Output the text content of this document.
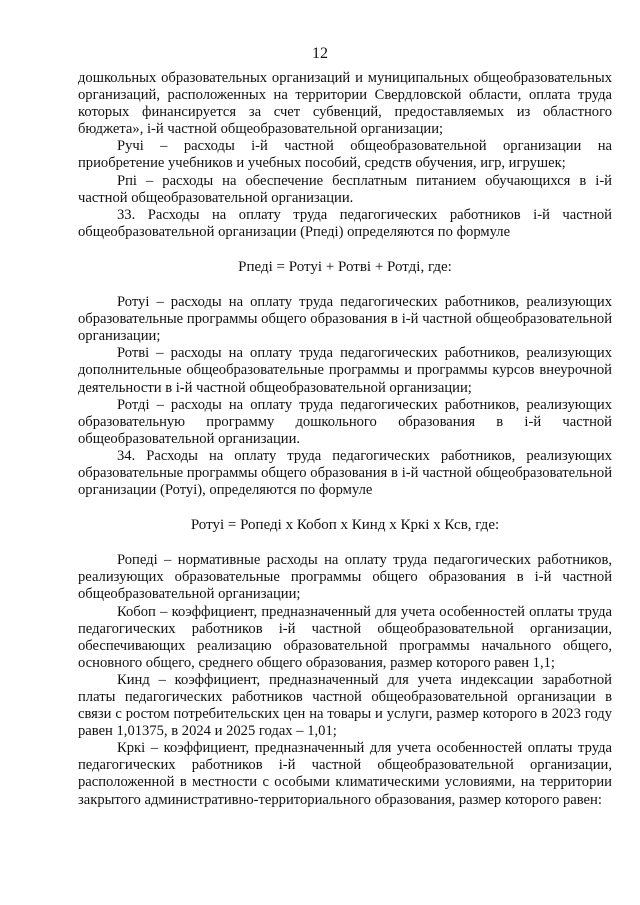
12

дошкольных образовательных организаций и муниципальных общеобразовательных организаций, расположенных на территории Свердловской области, оплата труда которых финансируется за счет субвенций, предоставляемых из областного бюджета», i-й частной общеобразовательной организации;

Ручi – расходы i-й частной общеобразовательной организации на приобретение учебников и учебных пособий, средств обучения, игр, игрушек;

Рпi – расходы на обеспечение бесплатным питанием обучающихся в i-й частной общеобразовательной организации.

33. Расходы на оплату труда педагогических работников i-й частной общеобразовательной организации (Рпедi) определяются по формуле

Рпедi = Ротуi + Ротвi + Ротдi, где:

Ротуi – расходы на оплату труда педагогических работников, реализующих образовательные программы общего образования в i-й частной общеобразовательной организации;

Ротвi – расходы на оплату труда педагогических работников, реализующих дополнительные общеобразовательные программы и программы курсов внеурочной деятельности в i-й частной общеобразовательной организации;

Ротдi – расходы на оплату труда педагогических работников, реализующих образовательную программу дошкольного образования в i-й частной общеобразовательной организации.

34. Расходы на оплату труда педагогических работников, реализующих образовательные программы общего образования в i-й частной общеобразовательной организации (Ротуi), определяются по формуле

Ротуi = Ропеді х Кобоп х Кинд х Кркi х Ксв, где:

Ропеді – нормативные расходы на оплату труда педагогических работников, реализующих образовательные программы общего образования в i-й частной общеобразовательной организации;

Кобоп – коэффициент, предназначенный для учета особенностей оплаты труда педагогических работников i-й частной общеобразовательной организации, обеспечивающих реализацию образовательной программы начального общего, основного общего, среднего общего образования, размер которого равен 1,1;

Кинд – коэффициент, предназначенный для учета индексации заработной платы педагогических работников частной общеобразовательной организации в связи с ростом потребительских цен на товары и услуги, размер которого в 2023 году равен 1,01375, в 2024 и 2025 годах – 1,01;

Кркi – коэффициент, предназначенный для учета особенностей оплаты труда педагогических работников i-й частной общеобразовательной организации, расположенной в местности с особыми климатическими условиями, на территории закрытого административно-территориального образования, размер которого равен:
